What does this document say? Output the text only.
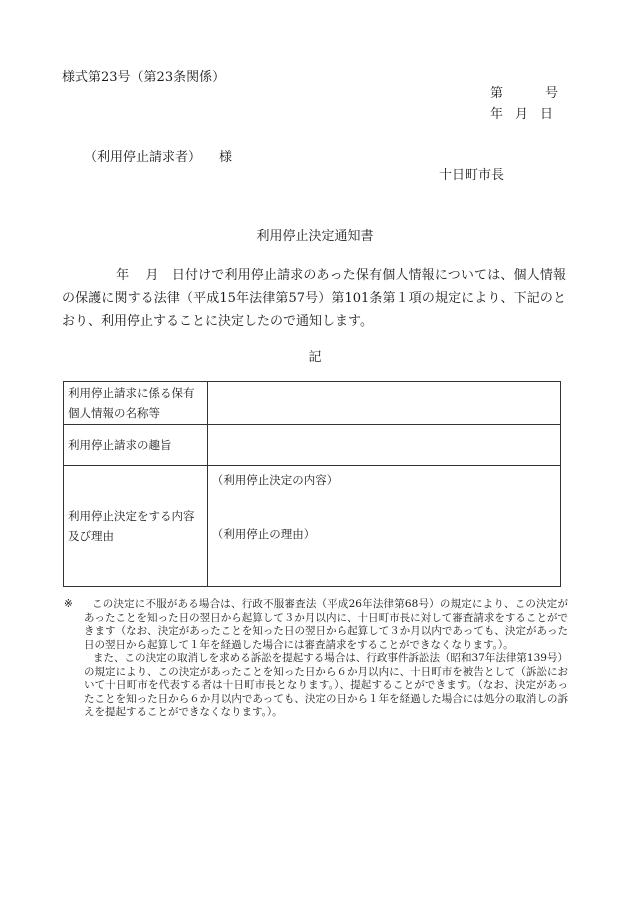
様式第23号（第23条関係）
第	号
年 月 日
（利用停止請求者） 様
十日町市長
利用停止決定通知書
年 月 日付けで利用停止請求のあった保有個人情報については、個人情報の保護に関する法律（平成15年法律第57号）第101条第１項の規定により、下記のとおり、利用停止することに決定したので通知します。
記
利用停止請求に係る保有個人情報の名称等	
利用停止請求の趣旨	
利用停止決定をする内容及び理由	（利用停止決定の内容）
（利用停止の理由）
※	この決定に不服がある場合は、行政不服審査法（平成26年法律第68号）の規定により、この決定があったことを知った日の翌日から起算して３か月以内に、十日町市長に対して審査請求をすることができます（なお、決定があったことを知った日の翌日から起算して３か月以内であっても、決定があった日の翌日から起算して１年を経過した場合には審査請求をすることができなくなります。）。

また、この決定の取消しを求める訴訟を提起する場合は、行政事件訴訟法（昭和37年法律第139号）の規定により、この決定があったことを知った日から６か月以内に、十日町市を被告として（訴訟において十日町市を代表する者は十日町市長となります。）、提起することができます。（なお、決定があったことを知った日から６か月以内であっても、決定の日から１年を経過した場合には処分の取消しの訴えを提起することができなくなります。）。
